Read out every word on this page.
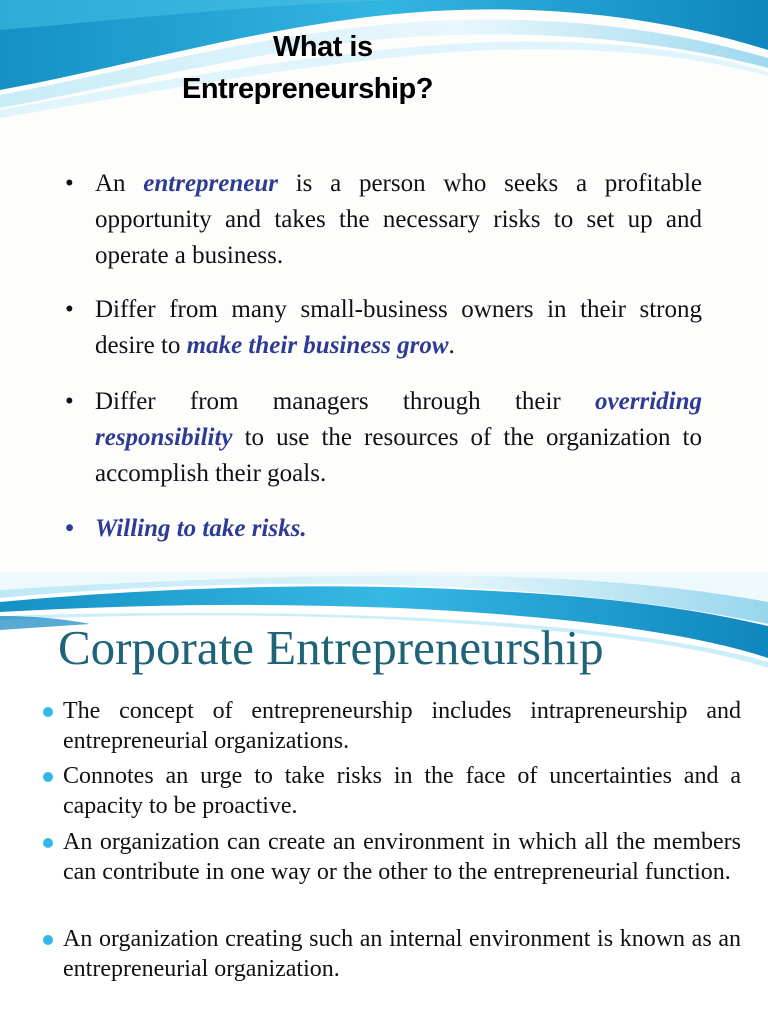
What is
Entrepreneurship?
• An entrepreneur is a person who seeks a profitable opportunity and takes the necessary risks to set up and operate a business.
• Differ from many small-business owners in their strong desire to make their business grow.
• Differ from managers through their overriding responsibility to use the resources of the organization to accomplish their goals.
• Willing to take risks.
Corporate Entrepreneurship
The concept of entrepreneurship includes intrapreneurship and entrepreneurial organizations.
Connotes an urge to take risks in the face of uncertainties and a capacity to be proactive.
An organization can create an environment in which all the members can contribute in one way or the other to the entrepreneurial function.
An organization creating such an internal environment is known as an entrepreneurial organization.
